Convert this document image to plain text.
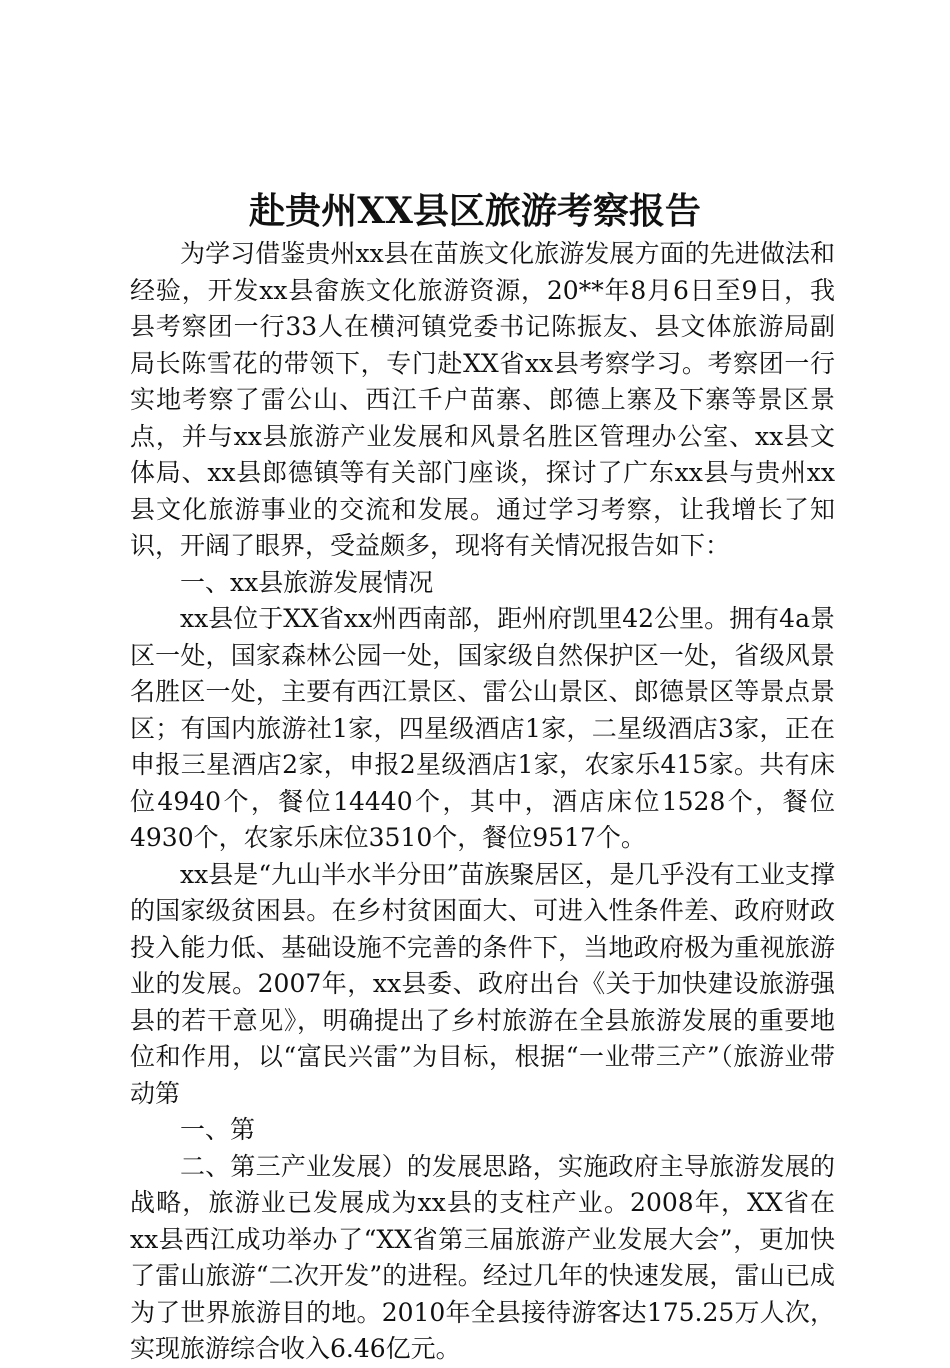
赴贵州XX县区旅游考察报告

为学习借鉴贵州xx县在苗族文化旅游发展方面的先进做法和经验，开发xx县畲族文化旅游资源，20**年8月6日至9日，我县考察团一行33人在横河镇党委书记陈振友、县文体旅游局副局长陈雪花的带领下，专门赴XX省xx县考察学习。考察团一行实地考察了雷公山、西江千户苗寨、郎德上寨及下寨等景区景点，并与xx县旅游产业发展和风景名胜区管理办公室、xx县文体局、xx县郎德镇等有关部门座谈，探讨了广东xx县与贵州xx县文化旅游事业的交流和发展。通过学习考察，让我增长了知识，开阔了眼界，受益颇多，现将有关情况报告如下：

一、xx县旅游发展情况

xx县位于XX省xx州西南部，距州府凯里42公里。拥有4a景区一处，国家森林公园一处，国家级自然保护区一处，省级风景名胜区一处，主要有西江景区、雷公山景区、郎德景区等景点景区；有国内旅游社1家，四星级酒店1家，二星级酒店3家，正在申报三星酒店2家，申报2星级酒店1家，农家乐415家。共有床位4940个，餐位14440个，其中，酒店床位1528个，餐位4930个，农家乐床位3510个，餐位9517个。

xx县是“九山半水半分田”苗族聚居区，是几乎没有工业支撑的国家级贫困县。在乡村贫困面大、可进入性条件差、政府财政投入能力低、基础设施不完善的条件下，当地政府极为重视旅游业的发展。2007年，xx县委、政府出台《关于加快建设旅游强县的若干意见》，明确提出了乡村旅游在全县旅游发展的重要地位和作用，以“富民兴雷”为目标，根据“一业带三产”（旅游业带动第

一、第

二、第三产业发展）的发展思路，实施政府主导旅游发展的战略，旅游业已发展成为xx县的支柱产业。2008年，XX省在xx县西江成功举办了“XX省第三届旅游产业发展大会”，更加快了雷山旅游“二次开发”的进程。经过几年的快速发展，雷山已成为了世界旅游目的地。2010年全县接待游客达175.25万人次，实现旅游综合收入6.46亿元。
